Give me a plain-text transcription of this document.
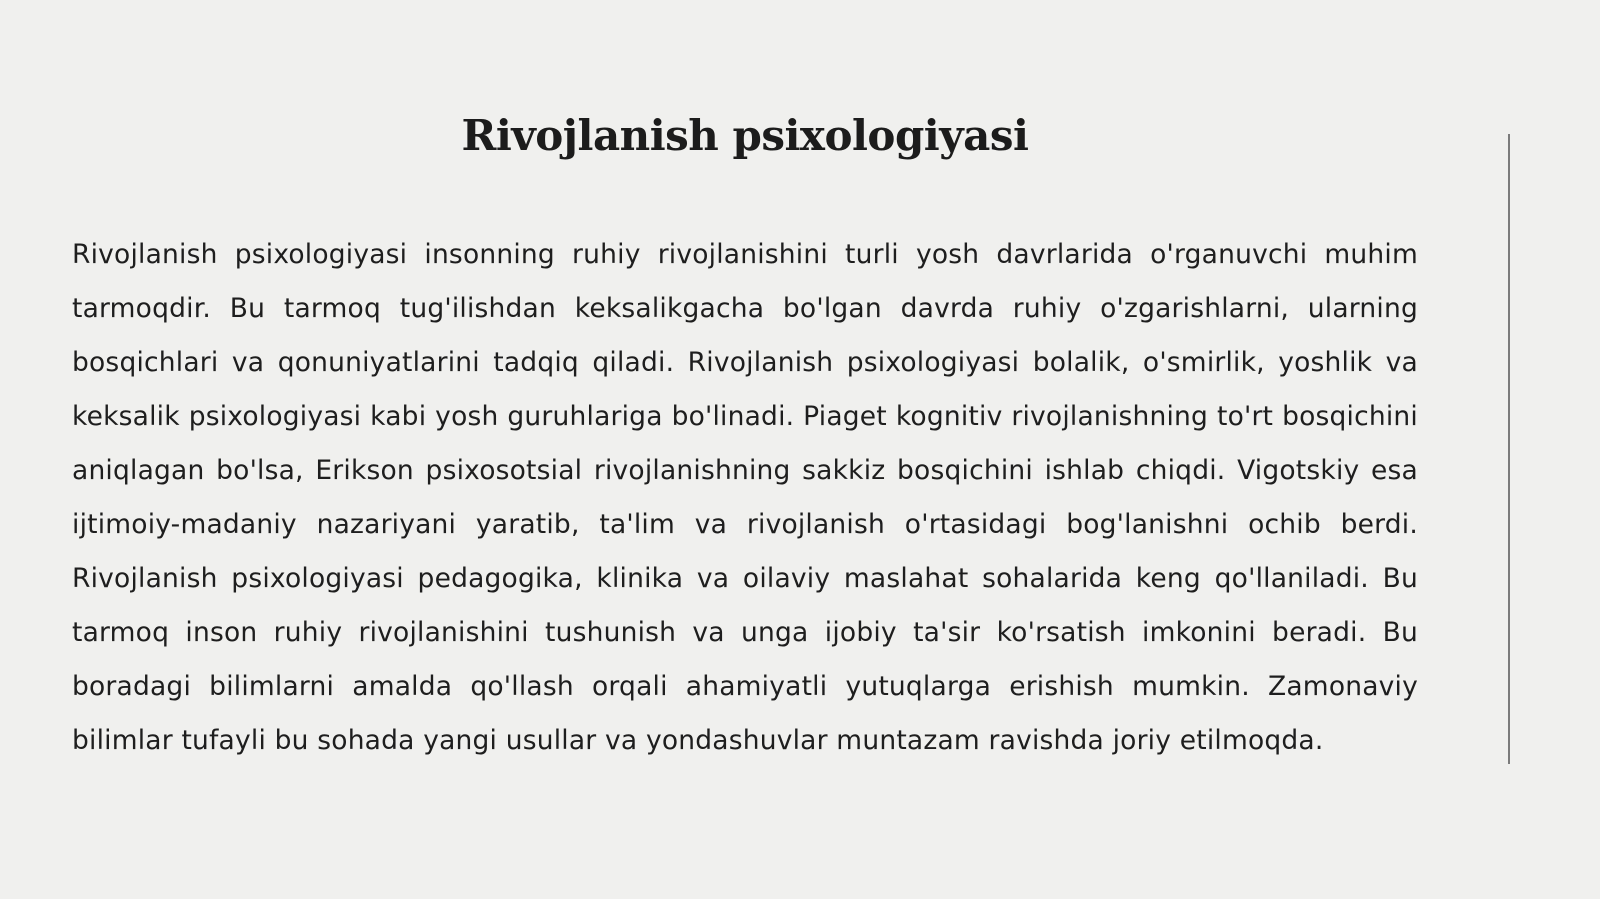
Rivojlanish psixologiyasi

Rivojlanish psixologiyasi insonning ruhiy rivojlanishini turli yosh davrlarida o'rganuvchi muhim tarmoqdir. Bu tarmoq tug'ilishdan keksalikgacha bo'lgan davrda ruhiy o'zgarishlarni, ularning bosqichlari va qonuniyatlarini tadqiq qiladi. Rivojlanish psixologiyasi bolalik, o'smirlik, yoshlik va keksalik psixologiyasi kabi yosh guruhlariga bo'linadi. Piaget kognitiv rivojlanishning to'rt bosqichini aniqlagan bo'lsa, Erikson psixosotsial rivojlanishning sakkiz bosqichini ishlab chiqdi. Vigotskiy esa ijtimoiy-madaniy nazariyani yaratib, ta'lim va rivojlanish o'rtasidagi bog'lanishni ochib berdi. Rivojlanish psixologiyasi pedagogika, klinika va oilaviy maslahat sohalarida keng qo'llaniladi. Bu tarmoq inson ruhiy rivojlanishini tushunish va unga ijobiy ta'sir ko'rsatish imkonini beradi. Bu boradagi bilimlarni amalda qo'llash orqali ahamiyatli yutuqlarga erishish mumkin. Zamonaviy bilimlar tufayli bu sohada yangi usullar va yondashuvlar muntazam ravishda joriy etilmoqda.
